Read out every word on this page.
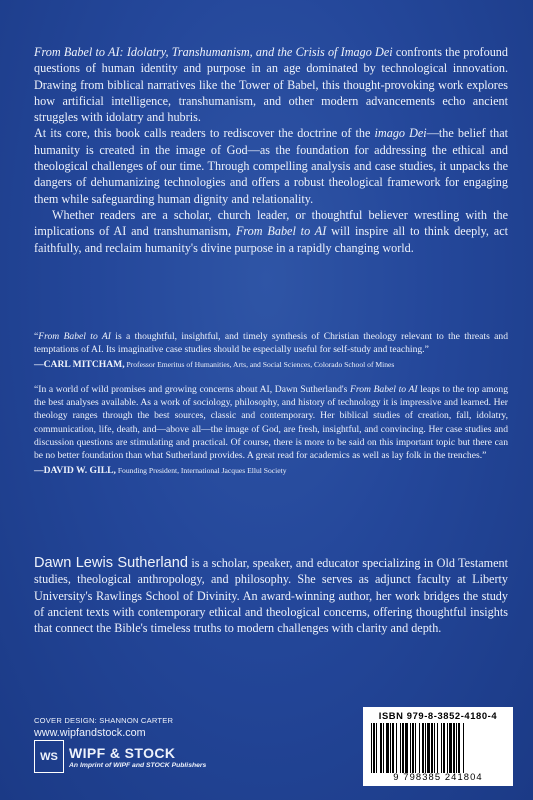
From Babel to AI: Idolatry, Transhumanism, and the Crisis of Imago Dei confronts the profound questions of human identity and purpose in an age dominated by technological innovation. Drawing from biblical narratives like the Tower of Babel, this thought-provoking work explores how artificial intelligence, transhumanism, and other modern advancements echo ancient struggles with idolatry and hubris.

At its core, this book calls readers to rediscover the doctrine of the imago Dei—the belief that humanity is created in the image of God—as the foundation for addressing the ethical and theological challenges of our time. Through compelling analysis and case studies, it unpacks the dangers of dehumanizing technologies and offers a robust theological framework for engaging them while safeguarding human dignity and relationality.

Whether readers are a scholar, church leader, or thoughtful believer wrestling with the implications of AI and transhumanism, From Babel to AI will inspire all to think deeply, act faithfully, and reclaim humanity's divine purpose in a rapidly changing world.

“From Babel to AI is a thoughtful, insightful, and timely synthesis of Christian theology relevant to the threats and temptations of AI. Its imaginative case studies should be especially useful for self-study and teaching.”
—CARL MITCHAM, Professor Emeritus of Humanities, Arts, and Social Sciences, Colorado School of Mines
“In a world of wild promises and growing concerns about AI, Dawn Sutherland's From Babel to AI leaps to the top among the best analyses available. As a work of sociology, philosophy, and history of technology it is impressive and learned. Her theology ranges through the best sources, classic and contemporary. Her biblical studies of creation, fall, idolatry, communication, life, death, and—above all—the image of God, are fresh, insightful, and convincing. Her case studies and discussion questions are stimulating and practical. Of course, there is more to be said on this important topic but there can be no better foundation than what Sutherland provides. A great read for academics as well as lay folk in the trenches.”
—DAVID W. GILL, Founding President, International Jacques Ellul Society
Dawn Lewis Sutherland is a scholar, speaker, and educator specializing in Old Testament studies, theological anthropology, and philosophy. She serves as adjunct faculty at Liberty University's Rawlings School of Divinity. An award-winning author, her work bridges the study of ancient texts with contemporary ethical and theological concerns, offering thoughtful insights that connect the Bible's timeless truths to modern challenges with clarity and depth.
COVER DESIGN: SHANNON CARTER
www.wipfandstock.com
WS WIPF & STOCK
An Imprint of WIPF and STOCK Publishers
ISBN 979-8-3852-4180-4
9 798385 241804
